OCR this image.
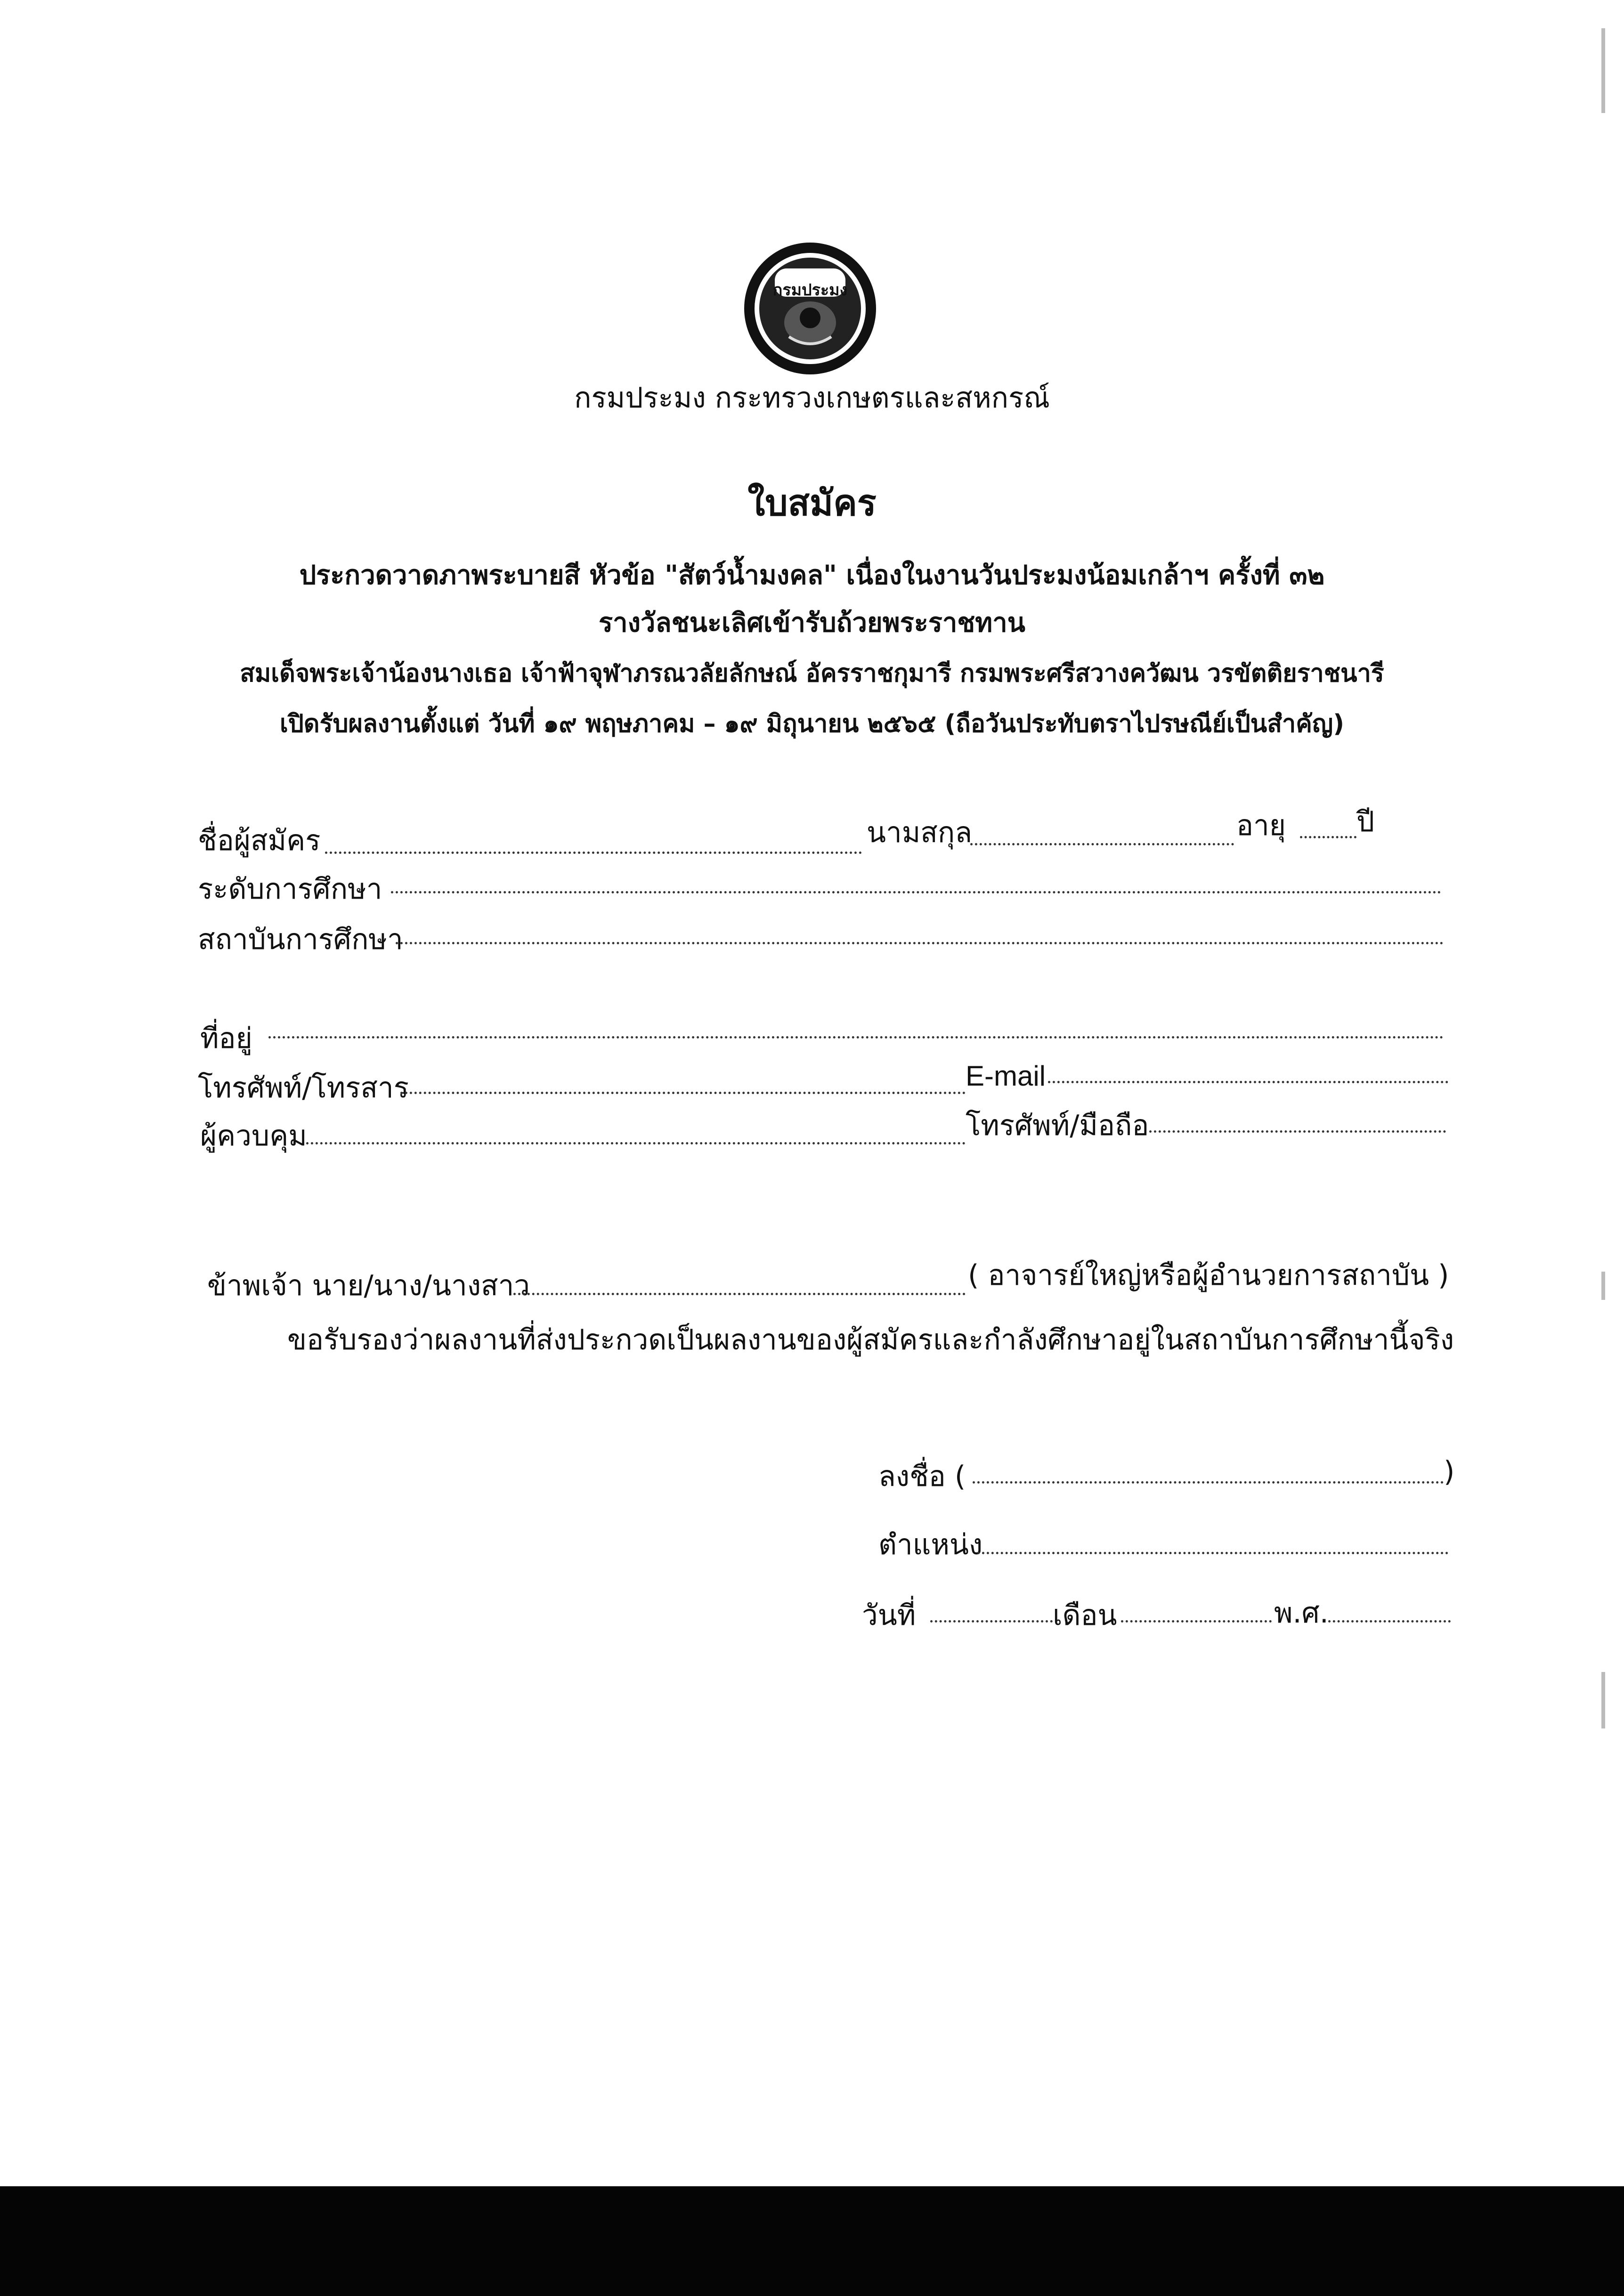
กรมประมง
กรมประมง กระทรวงเกษตรและสหกรณ์
ใบสมัคร
ประกวดวาดภาพระบายสี หัวข้อ "สัตว์น้ำมงคล" เนื่องในงานวันประมงน้อมเกล้าฯ ครั้งที่ ๓๒
รางวัลชนะเลิศเข้ารับถ้วยพระราชทาน
สมเด็จพระเจ้าน้องนางเธอ เจ้าฟ้าจุฬาภรณวลัยลักษณ์ อัครราชกุมารี กรมพระศรีสวางควัฒน วรขัตติยราชนารี
เปิดรับผลงานตั้งแต่ วันที่ ๑๙ พฤษภาคม – ๑๙ มิถุนายน ๒๕๖๕ (ถือวันประทับตราไปรษณีย์เป็นสำคัญ)
ชื่อผู้สมัคร	นามสกุล	อายุ	ปี
ระดับการศึกษา
สถาบันการศึกษา
ที่อยู่
โทรศัพท์/โทรสาร	E-mail
ผู้ควบคุม	โทรศัพท์/มือถือ
ข้าพเจ้า นาย/นาง/นางสาว	( อาจารย์ใหญ่หรือผู้อำนวยการสถาบัน )
ขอรับรองว่าผลงานที่ส่งประกวดเป็นผลงานของผู้สมัครและกำลังศึกษาอยู่ในสถาบันการศึกษานี้จริง
ลงชื่อ (	)
ตำแหน่ง
วันที่	เดือน	พ.ศ.
